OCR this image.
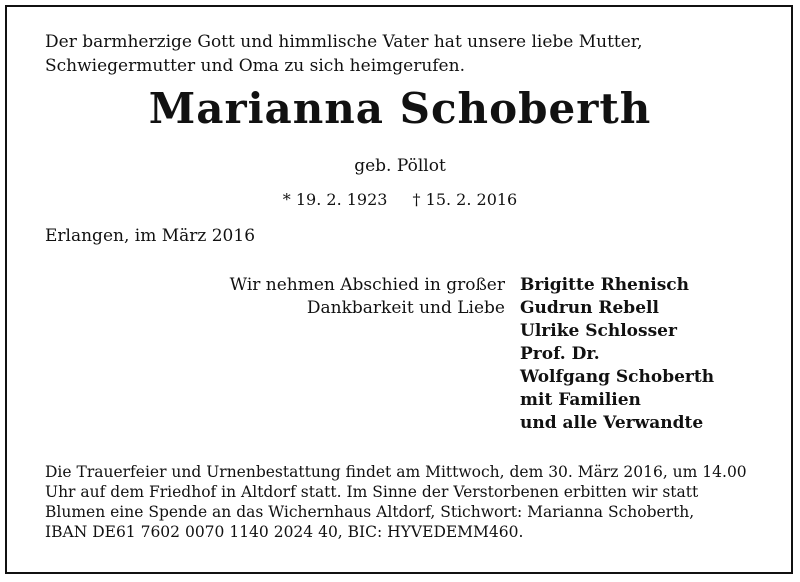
Der barmherzige Gott und himmlische Vater hat unsere liebe Mutter,
Schwiegermutter und Oma zu sich heimgerufen.
Marianna Schoberth
geb. Pöllot
* 19. 2. 1923 † 15. 2. 2016
Erlangen, im März 2016
Wir nehmen Abschied in großer
Dankbarkeit und Liebe
Brigitte Rhenisch
Gudrun Rebell
Ulrike Schlosser
Prof. Dr.
Wolfgang Schoberth
mit Familien
und alle Verwandte
Die Trauerfeier und Urnenbestattung findet am Mittwoch, dem 30. März 2016, um 14.00
Uhr auf dem Friedhof in Altdorf statt. Im Sinne der Verstorbenen erbitten wir statt
Blumen eine Spende an das Wichernhaus Altdorf, Stichwort: Marianna Schoberth,
IBAN DE61 7602 0070 1140 2024 40, BIC: HYVEDEMM460.
